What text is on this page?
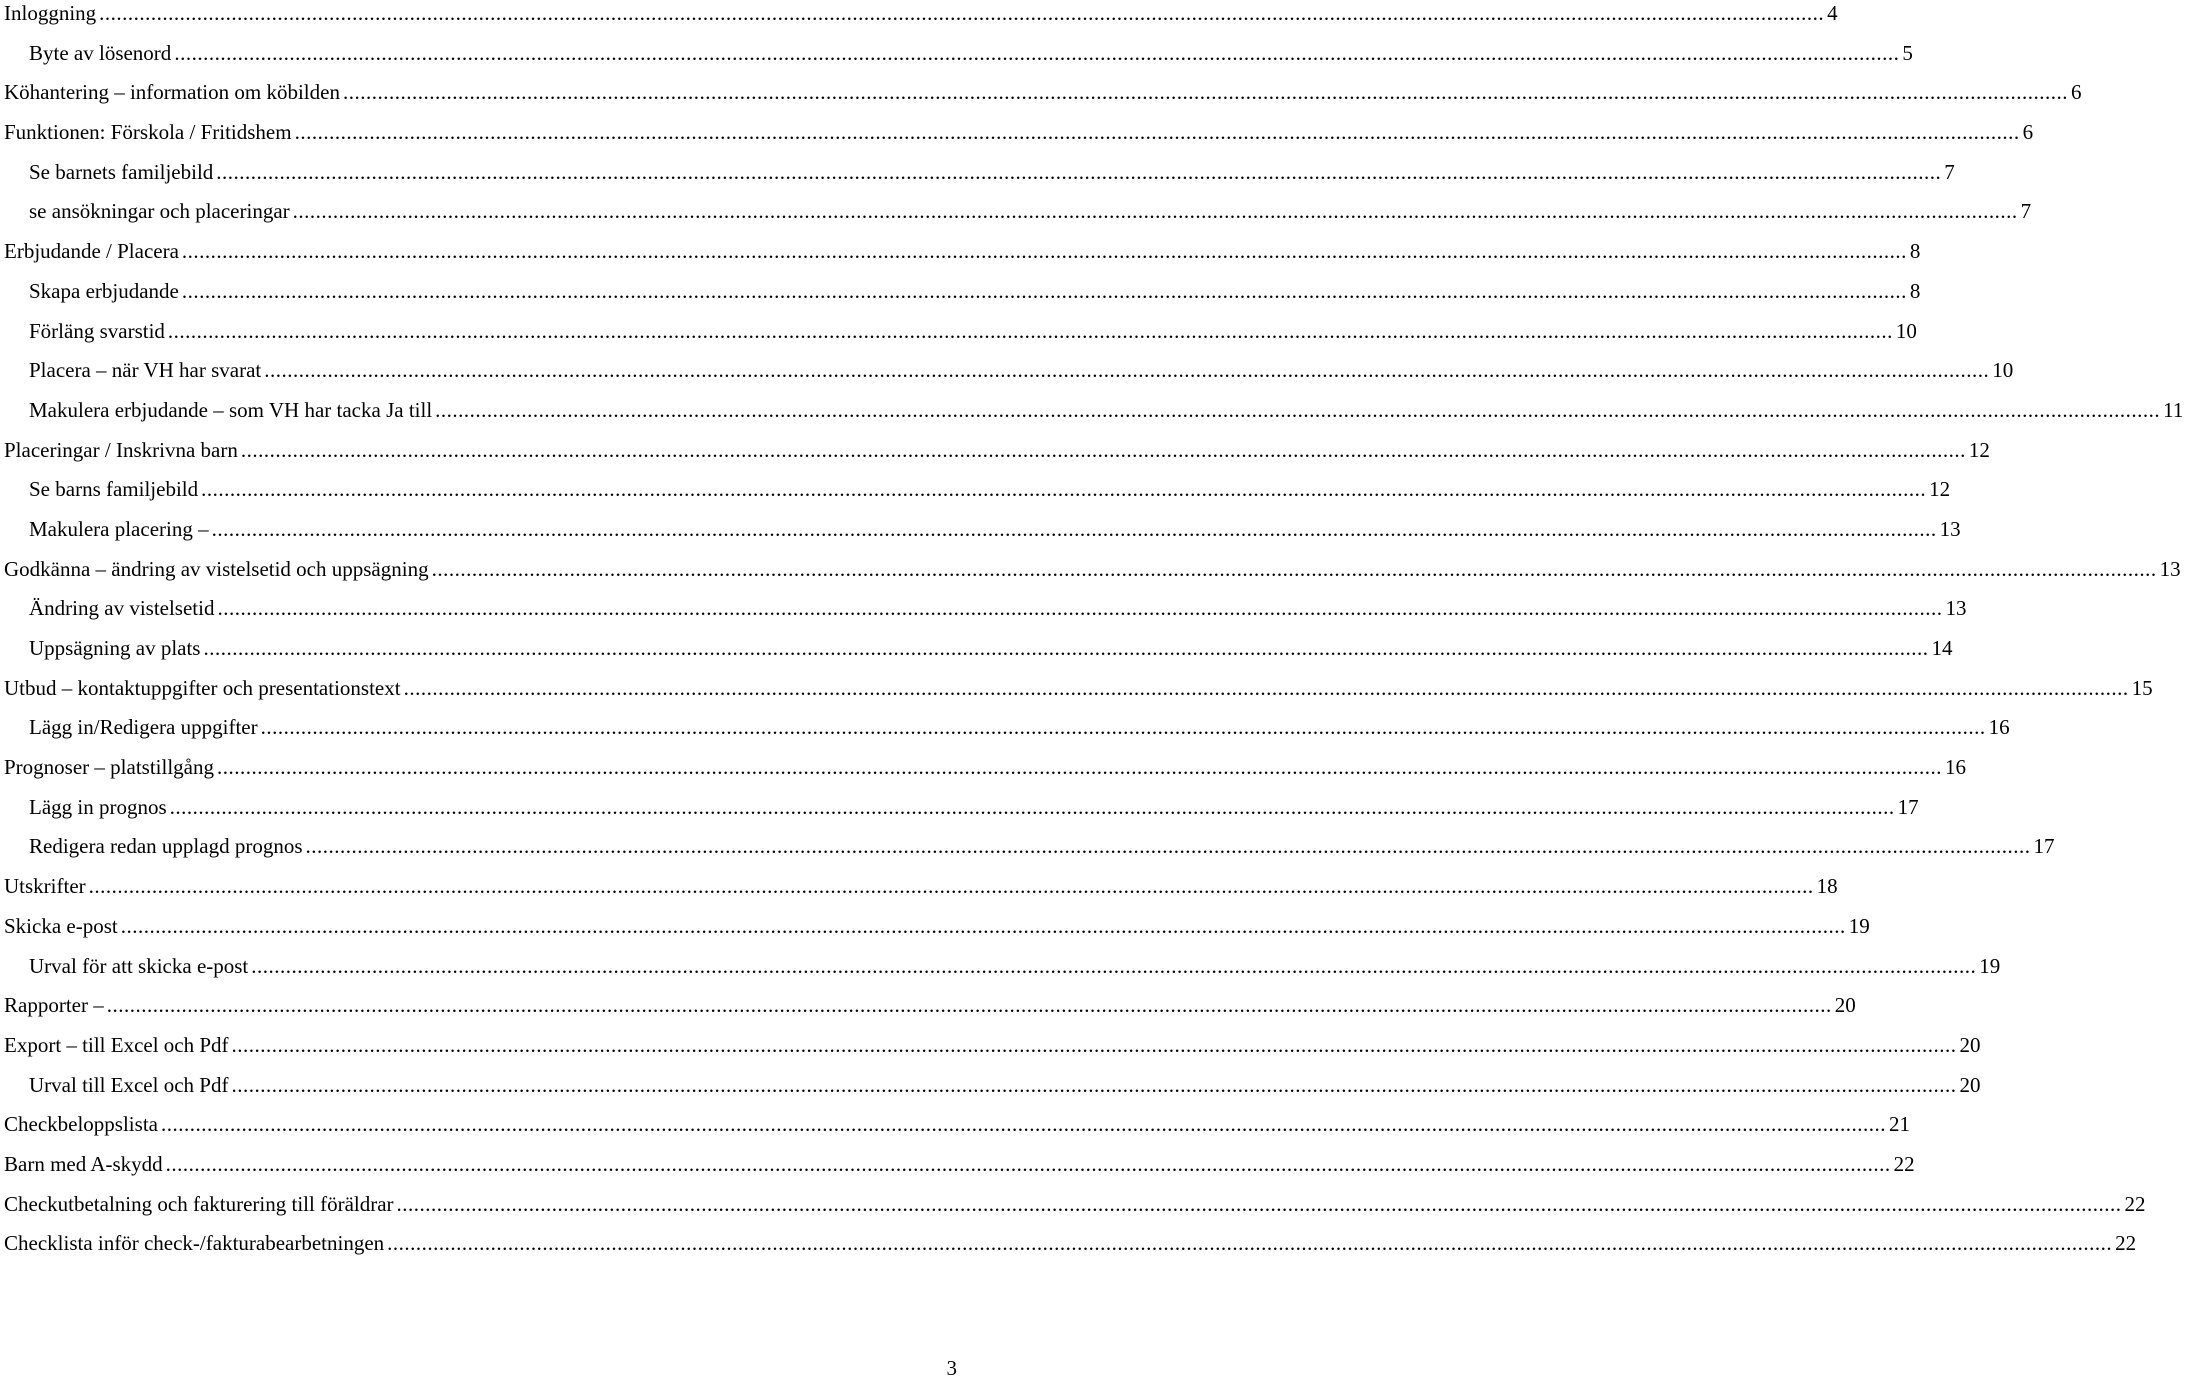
Inloggning ............................................................................................................................................................................................................................................................................................................ 4
Byte av lösenord ............................................................................................................................................................................................................................................................................................................ 5
Köhantering – information om köbilden ............................................................................................................................................................................................................................................................................................................ 6
Funktionen: Förskola / Fritidshem ............................................................................................................................................................................................................................................................................................................ 6
Se barnets familjebild ............................................................................................................................................................................................................................................................................................................ 7
se ansökningar och placeringar ............................................................................................................................................................................................................................................................................................................ 7
Erbjudande / Placera ............................................................................................................................................................................................................................................................................................................ 8
Skapa erbjudande ............................................................................................................................................................................................................................................................................................................ 8
Förläng svarstid ............................................................................................................................................................................................................................................................................................................ 10
Placera – när VH har svarat ............................................................................................................................................................................................................................................................................................................ 10
Makulera erbjudande – som VH har tacka Ja till ............................................................................................................................................................................................................................................................................................................ 11
Placeringar / Inskrivna barn ............................................................................................................................................................................................................................................................................................................ 12
Se barns familjebild ............................................................................................................................................................................................................................................................................................................ 12
Makulera placering – ............................................................................................................................................................................................................................................................................................................ 13
Godkänna – ändring av vistelsetid och uppsägning ............................................................................................................................................................................................................................................................................................................ 13
Ändring av vistelsetid ............................................................................................................................................................................................................................................................................................................ 13
Uppsägning av plats ............................................................................................................................................................................................................................................................................................................ 14
Utbud – kontaktuppgifter och presentationstext ............................................................................................................................................................................................................................................................................................................ 15
Lägg in/Redigera uppgifter ............................................................................................................................................................................................................................................................................................................ 16
Prognoser – platstillgång ............................................................................................................................................................................................................................................................................................................ 16
Lägg in prognos ............................................................................................................................................................................................................................................................................................................ 17
Redigera redan upplagd prognos ............................................................................................................................................................................................................................................................................................................ 17
Utskrifter ............................................................................................................................................................................................................................................................................................................ 18
Skicka e-post ............................................................................................................................................................................................................................................................................................................ 19
Urval för att skicka e-post ............................................................................................................................................................................................................................................................................................................ 19
Rapporter – ............................................................................................................................................................................................................................................................................................................ 20
Export – till Excel och Pdf ............................................................................................................................................................................................................................................................................................................ 20
Urval till Excel och Pdf ............................................................................................................................................................................................................................................................................................................ 20
Checkbeloppslista ............................................................................................................................................................................................................................................................................................................ 21
Barn med A-skydd ............................................................................................................................................................................................................................................................................................................ 22
Checkutbetalning och fakturering till föräldrar ............................................................................................................................................................................................................................................................................................................ 22
Checklista inför check-/fakturabearbetningen ............................................................................................................................................................................................................................................................................................................ 22
3
